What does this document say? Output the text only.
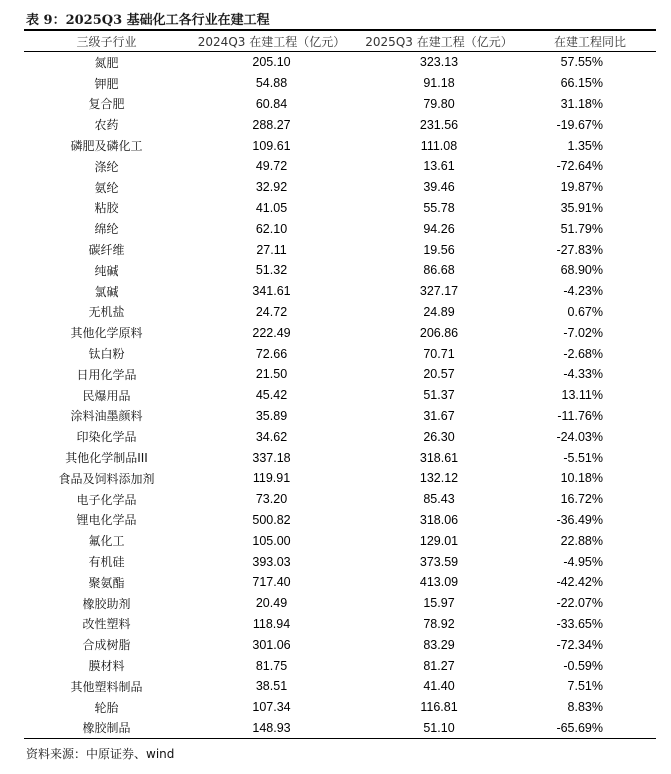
表 9：2025Q3 基础化工各行业在建工程
三级子行业	2024Q3 在建工程（亿元）	2025Q3 在建工程（亿元）	在建工程同比
氮肥	205.10	323.13	57.55%
钾肥	54.88	91.18	66.15%
复合肥	60.84	79.80	31.18%
农药	288.27	231.56	-19.67%
磷肥及磷化工	109.61	111.08	1.35%
涤纶	49.72	13.61	-72.64%
氨纶	32.92	39.46	19.87%
粘胶	41.05	55.78	35.91%
绵纶	62.10	94.26	51.79%
碳纤维	27.11	19.56	-27.83%
纯碱	51.32	86.68	68.90%
氯碱	341.61	327.17	-4.23%
无机盐	24.72	24.89	0.67%
其他化学原料	222.49	206.86	-7.02%
钛白粉	72.66	70.71	-2.68%
日用化学品	21.50	20.57	-4.33%
民爆用品	45.42	51.37	13.11%
涂料油墨颜料	35.89	31.67	-11.76%
印染化学品	34.62	26.30	-24.03%
其他化学制品III	337.18	318.61	-5.51%
食品及饲料添加剂	119.91	132.12	10.18%
电子化学品	73.20	85.43	16.72%
锂电化学品	500.82	318.06	-36.49%
氟化工	105.00	129.01	22.88%
有机硅	393.03	373.59	-4.95%
聚氨酯	717.40	413.09	-42.42%
橡胶助剂	20.49	15.97	-22.07%
改性塑料	118.94	78.92	-33.65%
合成树脂	301.06	83.29	-72.34%
膜材料	81.75	81.27	-0.59%
其他塑料制品	38.51	41.40	7.51%
轮胎	107.34	116.81	8.83%
橡胶制品	148.93	51.10	-65.69%
资料来源：中原证券、wind
